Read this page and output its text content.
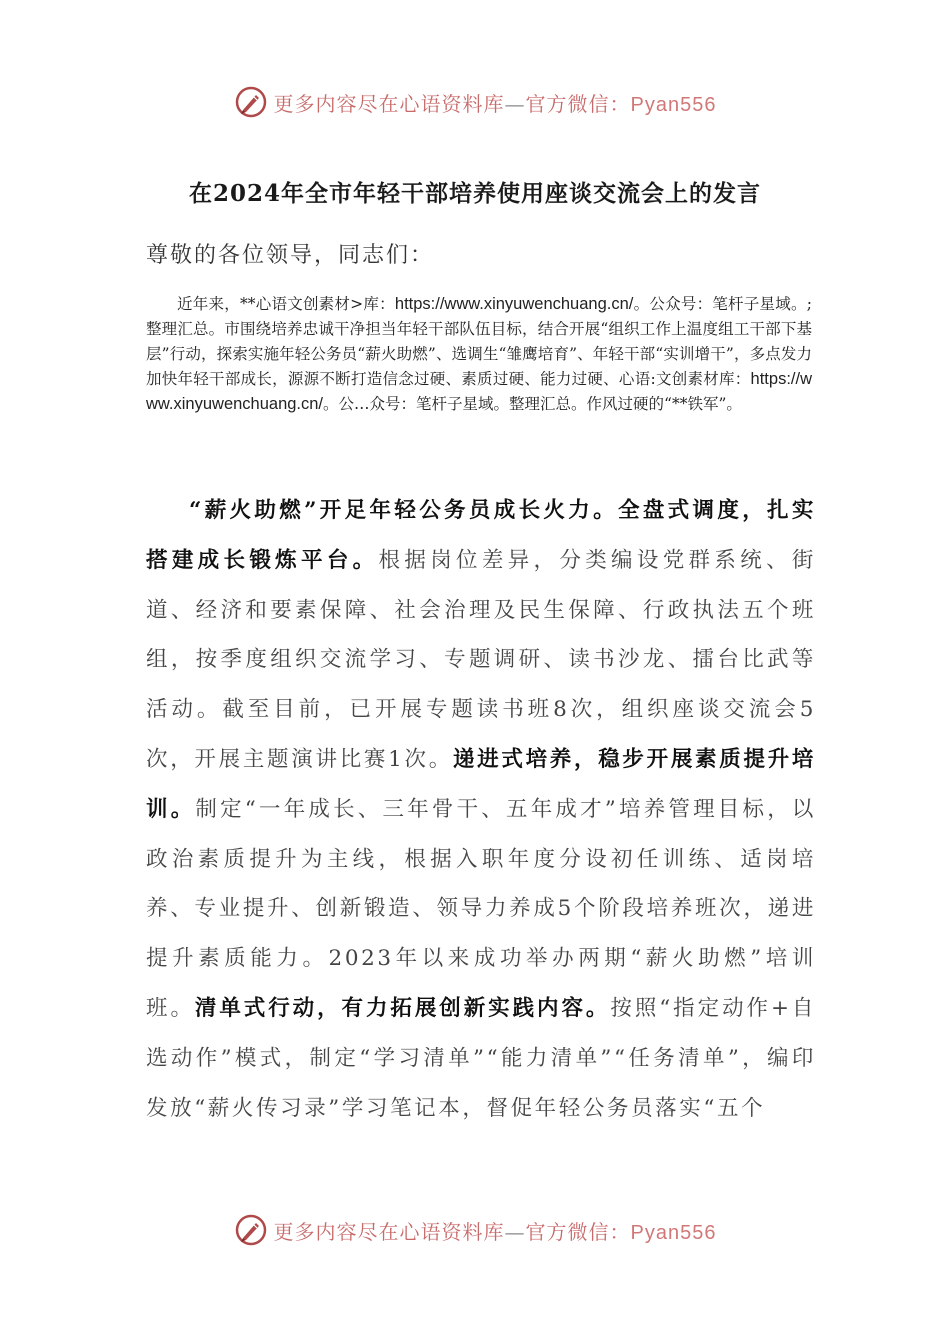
更多内容尽在心语资料库—官方微信：Pyan556
在2024年全市年轻干部培养使用座谈交流会上的发言
尊敬的各位领导，同志们：
近年来，**心语文创素材>库：https://www.xinyuwenchuang.cn/。公众号：笔杆子星域。;整理汇总。市围绕培养忠诚干净担当年轻干部队伍目标，结合开展“组织工作上温度组工干部下基层”行动，探索实施年轻公务员“薪火助燃”、选调生“雏鹰培育”、年轻干部“实训增干”，多点发力加快年轻干部成长，源源不断打造信念过硬、素质过硬、能力过硬、心语:文创素材库：https://www.xinyuwenchuang.cn/。公…众号：笔杆子星域。整理汇总。作风过硬的“**铁军”。
“薪火助燃”开足年轻公务员成长火力。全盘式调度，扎实搭建成长锻炼平台。根据岗位差异，分类编设党群系统、街道、经济和要素保障、社会治理及民生保障、行政执法五个班组，按季度组织交流学习、专题调研、读书沙龙、擂台比武等活动。截至目前，已开展专题读书班8次，组织座谈交流会5次，开展主题演讲比赛1次。递进式培养，稳步开展素质提升培训。制定“一年成长、三年骨干、五年成才”培养管理目标，以政治素质提升为主线，根据入职年度分设初任训练、适岗培养、专业提升、创新锻造、领导力养成5个阶段培养班次，递进提升素质能力。2023年以来成功举办两期“薪火助燃”培训班。清单式行动，有力拓展创新实践内容。按照“指定动作+自选动作”模式，制定“学习清单”“能力清单”“任务清单”，编印发放“薪火传习录”学习笔记本，督促年轻公务员落实“五个
更多内容尽在心语资料库—官方微信：Pyan556
